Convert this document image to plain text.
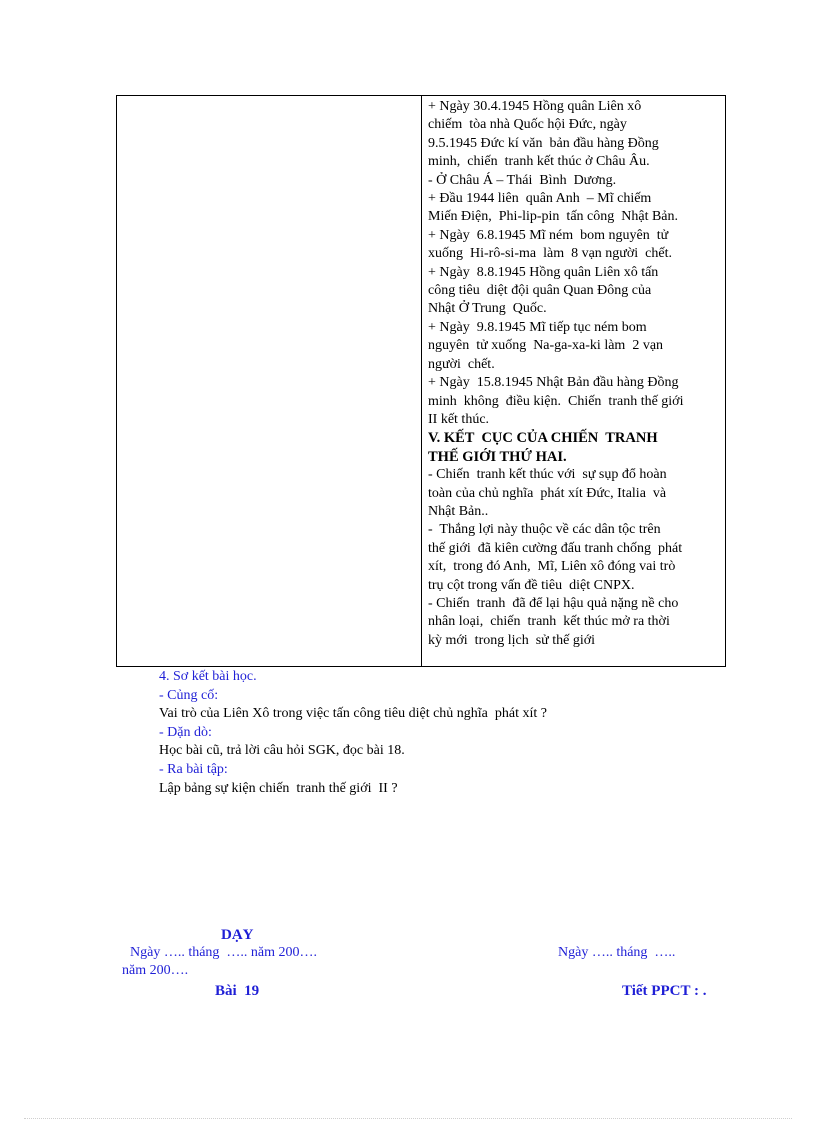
+ Ngày 30.4.1945 Hồng quân Liên xô
chiếm  tòa nhà Quốc hội Đức, ngày
9.5.1945 Đức kí văn  bản đầu hàng Đồng
minh,  chiến  tranh kết thúc ở Châu Âu.
- Ở Châu Á – Thái  Bình  Dương.
+ Đầu 1944 liên  quân Anh  – Mĩ chiếm
Miến Điện,  Phi-lip-pin  tấn công  Nhật Bản.
+ Ngày  6.8.1945 Mĩ ném  bom nguyên  tử
xuống  Hi-rô-si-ma  làm  8 vạn người  chết.
+ Ngày  8.8.1945 Hồng quân Liên xô tấn
công tiêu  diệt đội quân Quan Đông của
Nhật Ở Trung  Quốc.
+ Ngày  9.8.1945 Mĩ tiếp tục ném bom
nguyên  tử xuống  Na-ga-xa-ki làm  2 vạn
người  chết.
+ Ngày  15.8.1945 Nhật Bản đầu hàng Đồng
minh  không  điều kiện.  Chiến  tranh thế giới
II kết thúc.
V. KẾT  CỤC CỦA CHIẾN  TRANH
THẾ GIỚI THỨ HAI.
- Chiến  tranh kết thúc với  sự sụp đổ hoàn
toàn của chủ nghĩa  phát xít Đức, Italia  và
Nhật Bản..
-  Thắng lợi này thuộc về các dân tộc trên
thế giới  đã kiên cường đấu tranh chống  phát
xít,  trong đó Anh,  Mĩ, Liên xô đóng vai trò
trụ cột trong vấn đề tiêu  diệt CNPX.
- Chiến  tranh  đã để lại hậu quả nặng nề cho
nhân loại,  chiến  tranh  kết thúc mở ra thời
kỳ mới  trong lịch  sử thế giới
4. Sơ kết bài học.
- Củng cố:
Vai trò của Liên Xô trong việc tấn công tiêu diệt chủ nghĩa  phát xít ?
- Dặn dò:
Học bài cũ, trả lời câu hỏi SGK, đọc bài 18.
- Ra bài tập:
Lập bảng sự kiện chiến  tranh thế giới  II ?
DẠY
Ngày ….. tháng  ….. năm 200….	Ngày ….. tháng  …..
năm 200….
Bài  19	Tiết PPCT : .
